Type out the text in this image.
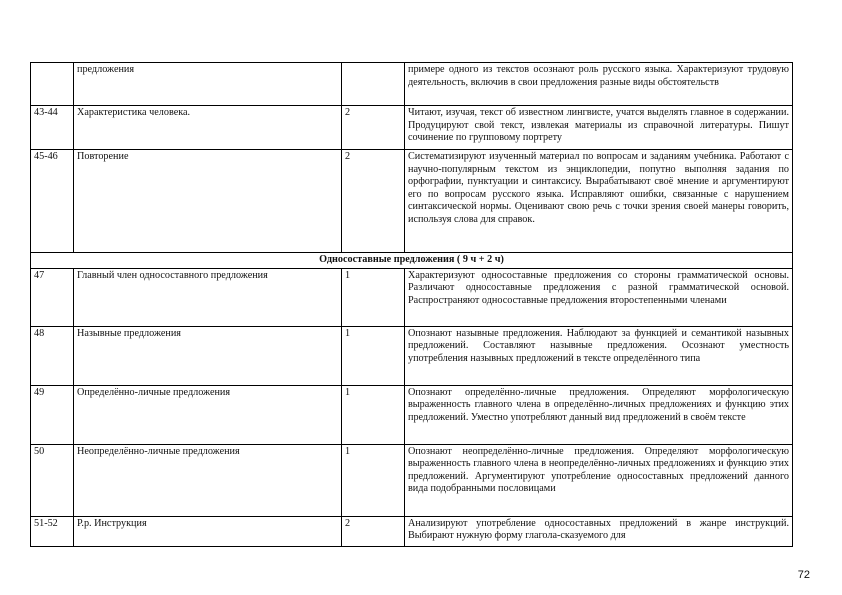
	предложения		примере одного из текстов осознают роль русского языка. Характеризуют трудовую деятельность, включив в свои предложения разные виды обстоятельств
43-44	Характеристика человека.	2	Читают, изучая, текст об известном лингвисте, учатся выделять главное в содержании. Продуцируют свой текст, извлекая материалы из справочной литературы. Пишут сочинение по групповому портрету
45-46	Повторение	2	Систематизируют изученный материал по вопросам и заданиям учебника. Работают с научно-популярным текстом из энциклопедии, попутно выполняя задания по орфографии, пунктуации и синтаксису. Вырабатывают своё мнение и аргументируют его по вопросам русского языка. Исправляют ошибки, связанные с нарушением синтаксической нормы. Оценивают свою речь с точки зрения своей манеры говорить, используя слова для справок.
Односоставные предложения ( 9 ч + 2 ч)			
47	Главный член односоставного предложения	1	Характеризуют односоставные предложения со стороны грамматической основы. Различают односоставные предложения с разной грамматической основой. Распространяют односоставные предложения второстепенными членами
48	Назывные предложения	1	Опознают назывные предложения. Наблюдают за функцией и семантикой назывных предложений. Составляют назывные предложения. Осознают уместность употребления назывных предложений в тексте определённого типа
49	Определённо-личные предложения	1	Опознают определённо-личные предложения. Определяют морфологическую выраженность главного члена в определённо-личных предложениях и функцию этих предложений. Уместно употребляют данный вид предложений в своём тексте
50	Неопределённо-личные предложения	1	Опознают неопределённо-личные предложения. Определяют морфологическую выраженность главного члена в неопределённо-личных предложениях и функцию этих предложений. Аргументируют употребление односоставных предложений данного вида подобранными пословицами
51-52	Р.р. Инструкция	2	Анализируют употребление односоставных предложений в жанре инструкций. Выбирают нужную форму глагола-сказуемого для
72
